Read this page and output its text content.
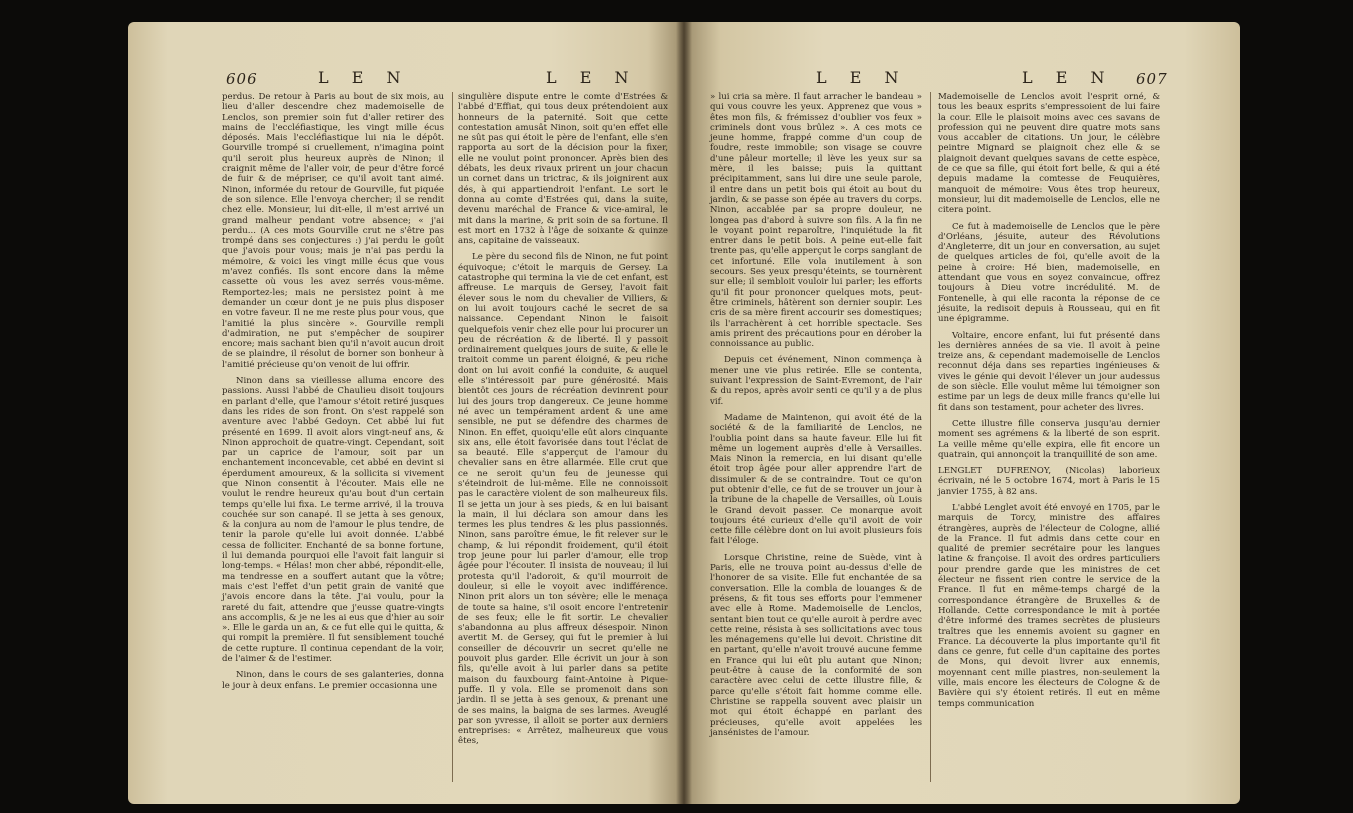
606	L E N	L E N

perdus. De retour à Paris au bout de six mois, au lieu d'aller descendre chez mademoiselle de Lenclos, son premier soin fut d'aller retirer des mains de l'eccléfiastique, les vingt mille écus déposés. Mais l'eccléfiastique lui nia le dépôt. Gourville trompé si cruellement, n'imagina point qu'il seroit plus heureux auprès de Ninon; il craignit même de l'aller voir, de peur d'être forcé de fuir & de mépriser, ce qu'il avoit tant aimé. Ninon, informée du retour de Gourville, fut piquée de son silence. Elle l'envoya chercher; il se rendit chez elle. Monsieur, lui dit-elle, il m'est arrivé un grand malheur pendant votre absence; « j'ai perdu... (A ces mots Gourville crut ne s'être pas trompé dans ses conjectures :) j'ai perdu le goût que j'avois pour vous; mais je n'ai pas perdu la mémoire, & voici les vingt mille écus que vous m'avez confiés. Ils sont encore dans la même cassette où vous les avez serrés vous-même. Remportez-les; mais ne persistez point à me demander un cœur dont je ne puis plus disposer en votre faveur. Il ne me reste plus pour vous, que l'amitié la plus sincère ». Gourville rempli d'admiration, ne put s'empêcher de soupirer encore; mais sachant bien qu'il n'avoit aucun droit de se plaindre, il résolut de borner son bonheur à l'amitié précieuse qu'on venoit de lui offrir.

Ninon dans sa vieillesse alluma encore des passions. Aussi l'abbé de Chaulieu disoit toujours en parlant d'elle, que l'amour s'étoit retiré jusques dans les rides de son front. On s'est rappelé son aventure avec l'abbé Gedoyn. Cet abbé lui fut présenté en 1699. Il avoit alors vingt-neuf ans, & Ninon approchoit de quatre-vingt. Cependant, soit par un caprice de l'amour, soit par un enchantement inconcevable, cet abbé en devint si éperdument amoureux, & la sollicita si vivement que Ninon consentit à l'écouter. Mais elle ne voulut le rendre heureux qu'au bout d'un certain temps qu'elle lui fixa. Le terme arrivé, il la trouva couchée sur son canapé. Il se jetta à ses genoux, & la conjura au nom de l'amour le plus tendre, de tenir la parole qu'elle lui avoit donnée. L'abbé cessa de folliciter. Enchanté de sa bonne fortune, il lui demanda pourquoi elle l'avoit fait languir si long-temps. « Hélas! mon cher abbé, répondit-elle, ma tendresse en a souffert autant que la vôtre; mais c'est l'effet d'un petit grain de vanité que j'avois encore dans la tête. J'ai voulu, pour la rareté du fait, attendre que j'eusse quatre-vingts ans accomplis, & je ne les ai eus que d'hier au soir ». Elle le garda un an, & ce fut elle qui le quitta, & qui rompit la première. Il fut sensiblement touché de cette rupture. Il continua cependant de la voir, de l'aimer & de l'estimer.

Ninon, dans le cours de ses galanteries, donna le jour à deux enfans. Le premier occasionna une

singulière dispute entre le comte d'Estrées & l'abbé d'Effiat, qui tous deux prétendoient aux honneurs de la paternité. Soit que cette contestation amusât Ninon, soit qu'en effet elle ne sût pas qui étoit le père de l'enfant, elle s'en rapporta au sort de la décision pour la fixer, elle ne voulut point prononcer. Après bien des débats, les deux rivaux prirent un jour chacun un cornet dans un trictrac, & ils joignirent aux dés, à qui appartiendroit l'enfant. Le sort le donna au comte d'Estrées qui, dans la suite, devenu maréchal de France & vice-amiral, le mit dans la marine, & prit soin de sa fortune. Il est mort en 1732 à l'âge de soixante & quinze ans, capitaine de vaisseaux.

Le père du second fils de Ninon, ne fut point équivoque; c'étoit le marquis de Gersey. La catastrophe qui termina la vie de cet enfant, est affreuse. Le marquis de Gersey, l'avoit fait élever sous le nom du chevalier de Villiers, & on lui avoit toujours caché le secret de sa naissance. Cependant Ninon le faisoit quelquefois venir chez elle pour lui procurer un peu de récréation & de liberté. Il y passoit ordinairement quelques jours de suite, & elle le traitoit comme un parent éloigné, & peu riche dont on lui avoit confié la conduite, & auquel elle s'intéressoit par pure générosité. Mais bientôt ces jours de récréation devinrent pour lui des jours trop dangereux. Ce jeune homme né avec un tempérament ardent & une ame sensible, ne put se défendre des charmes de Ninon. En effet, quoiqu'elle eût alors cinquante six ans, elle étoit favorisée dans tout l'éclat de sa beauté. Elle s'apperçut de l'amour du chevalier sans en être allarmée. Elle crut que ce ne seroit qu'un feu de jeunesse qui s'éteindroit de lui-même. Elle ne connoissoit pas le caractère violent de son malheureux fils. Il se jetta un jour à ses pieds, & en lui baisant la main, il lui déclara son amour dans les termes les plus tendres & les plus passionnés. Ninon, sans paroître émue, le fit relever sur le champ, & lui répondit froidement, qu'il étoit trop jeune pour lui parler d'amour, elle trop âgée pour l'écouter. Il insista de nouveau; il lui protesta qu'il l'adoroit, & qu'il mourroit de douleur, si elle le voyoit avec indifférence. Ninon prit alors un ton sévère; elle le menaça de toute sa haine, s'il osoit encore l'entretenir de ses feux; elle le fit sortir. Le chevalier s'abandonna au plus affreux désespoir. Ninon avertit M. de Gersey, qui fut le premier à lui conseiller de découvrir un secret qu'elle ne pouvoit plus garder. Elle écrivit un jour à son fils, qu'elle avoit à lui parler dans sa petite maison du fauxbourg faint-Antoine à Pique-puffe. Il y vola. Elle se promenoit dans son jardin. Il se jetta à ses genoux, & prenant une de ses mains, la baigna de ses larmes. Aveuglé par son yvresse, il alloit se porter aux derniers entreprises: « Arrêtez, malheureux que vous êtes,

L E N	L E N 607

» lui cria sa mère. Il faut arracher le bandeau » qui vous couvre les yeux. Apprenez que vous » êtes mon fils, & frémissez d'oublier vos feux » criminels dont vous brûlez ». A ces mots ce jeune homme, frappé comme d'un coup de foudre, reste immobile; son visage se couvre d'une pâleur mortelle; il lève les yeux sur sa mère, il les baisse; puis la quittant précipitamment, sans lui dire une seule parole, il entre dans un petit bois qui étoit au bout du jardin, & se passe son épée au travers du corps. Ninon, accablée par sa propre douleur, ne longea pas d'abord à suivre son fils. A la fin ne le voyant point reparoître, l'inquiétude la fit entrer dans le petit bois. A peine eut-elle fait trente pas, qu'elle apperçut le corps sanglant de cet infortuné. Elle vola inutilement à son secours. Ses yeux presqu'éteints, se tournèrent sur elle; il sembloit vouloir lui parler; les efforts qu'il fit pour prononcer quelques mots, peut-être criminels, hâtèrent son dernier soupir. Les cris de sa mère firent accourir ses domestiques; ils l'arrachèrent à cet horrible spectacle. Ses amis prirent des précautions pour en dérober la connoissance au public.

Depuis cet événement, Ninon commença à mener une vie plus retirée. Elle se contenta, suivant l'expression de Saint-Evremont, de l'air & du repos, après avoir senti ce qu'il y a de plus vif.

Madame de Maintenon, qui avoit été de la société & de la familiarité de Lenclos, ne l'oublia point dans sa haute faveur. Elle lui fit même un logement auprès d'elle à Versailles. Mais Ninon la remercia, en lui disant qu'elle étoit trop âgée pour aller apprendre l'art de dissimuler & de se contraindre. Tout ce qu'on put obtenir d'elle, ce fut de se trouver un jour à la tribune de la chapelle de Versailles, où Louis le Grand devoit passer. Ce monarque avoit toujours été curieux d'elle qu'il avoit de voir cette fille célèbre dont on lui avoit plusieurs fois fait l'éloge.

Lorsque Christine, reine de Suède, vint à Paris, elle ne trouva point au-dessus d'elle de l'honorer de sa visite. Elle fut enchantée de sa conversation. Elle la combla de louanges & de présens, & fit tous ses efforts pour l'emmener avec elle à Rome. Mademoiselle de Lenclos, sentant bien tout ce qu'elle auroit à perdre avec cette reine, résista à ses sollicitations avec tous les ménagemens qu'elle lui devoit. Christine dit en partant, qu'elle n'avoit trouvé aucune femme en France qui lui eût plu autant que Ninon; peut-être à cause de la conformité de son caractère avec celui de cette illustre fille, & parce qu'elle s'étoit fait homme comme elle. Christine se rappella souvent avec plaisir un mot qui étoit échappé en parlant des précieuses, qu'elle avoit appelées les jansénistes de l'amour.

Mademoiselle de Lenclos avoit l'esprit orné, & tous les beaux esprits s'empressoient de lui faire la cour. Elle le plaisoit moins avec ces savans de profession qui ne peuvent dire quatre mots sans vous accabler de citations. Un jour, le célèbre peintre Mignard se plaignoit chez elle & se plaignoit devant quelques savans de cette espèce, de ce que sa fille, qui étoit fort belle, & qui a été depuis madame la comtesse de Feuquières, manquoit de mémoire: Vous êtes trop heureux, monsieur, lui dit mademoiselle de Lenclos, elle ne citera point.

Ce fut à mademoiselle de Lenclos que le père d'Orléans, jésuite, auteur des Révolutions d'Angleterre, dit un jour en conversation, au sujet de quelques articles de foi, qu'elle avoit de la peine à croire: Hé bien, mademoiselle, en attendant que vous en soyez convaincue, offrez toujours à Dieu votre incrédulité. M. de Fontenelle, à qui elle raconta la réponse de ce jésuite, la redisoit depuis à Rousseau, qui en fit une épigramme.

Voltaire, encore enfant, lui fut présenté dans les dernières années de sa vie. Il avoit à peine treize ans, & cependant mademoiselle de Lenclos reconnut déja dans ses reparties ingénieuses & vives le génie qui devoit l'élever un jour audessus de son siècle. Elle voulut même lui témoigner son estime par un legs de deux mille francs qu'elle lui fit dans son testament, pour acheter des livres.

Cette illustre fille conserva jusqu'au dernier moment ses agrémens & la liberté de son esprit. La veille même qu'elle expira, elle fit encore un quatrain, qui annonçoit la tranquillité de son ame.

LENGLET DUFRENOY, (Nicolas) laborieux écrivain, né le 5 octobre 1674, mort à Paris le 15 janvier 1755, à 82 ans.

L'abbé Lenglet avoit été envoyé en 1705, par le marquis de Torcy, ministre des affaires étrangères, auprès de l'électeur de Cologne, allié de la France. Il fut admis dans cette cour en qualité de premier secrétaire pour les langues latine & françoise. Il avoit des ordres particuliers pour prendre garde que les ministres de cet électeur ne fissent rien contre le service de la France. Il fut en même-temps chargé de la correspondance étrangère de Bruxelles & de Hollande. Cette correspondance le mit à portée d'être informé des trames secrètes de plusieurs traîtres que les ennemis avoient su gagner en France. La découverte la plus importante qu'il fit dans ce genre, fut celle d'un capitaine des portes de Mons, qui devoit livrer aux ennemis, moyennant cent mille piastres, non-seulement la ville, mais encore les électeurs de Cologne & de Bavière qui s'y étoient retirés. Il eut en même temps communication
